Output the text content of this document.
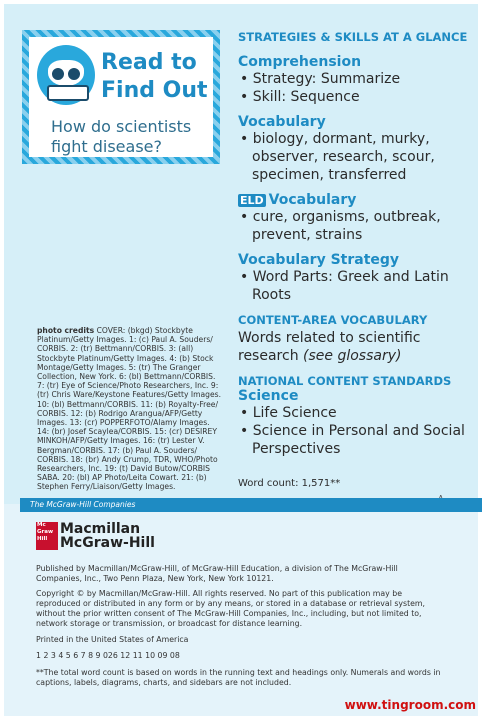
Read to
Find Out
How do scientists
fight disease?
STRATEGIES & SKILLS AT A GLANCE
Comprehension
• Strategy: Summarize
• Skill: Sequence
Vocabulary
• biology, dormant, murky, observer, research, scour, specimen, transferred
ELD Vocabulary
• cure, organisms, outbreak, prevent, strains
Vocabulary Strategy
• Word Parts: Greek and Latin Roots
CONTENT-AREA VOCABULARY
Words related to scientific research (see glossary)
NATIONAL CONTENT STANDARDS
Science
• Life Science
• Science in Personal and Social Perspectives
photo credits COVER: (bkgd) Stockbyte Platinum/Getty Images. 1: (c) Paul A. Souders/ CORBIS. 2: (tr) Bettmann/CORBIS. 3: (all) Stockbyte Platinum/Getty Images. 4: (b) Stock Montage/Getty Images. 5: (tr) The Granger Collection, New York. 6: (bl) Bettmann/CORBIS. 7: (tr) Eye of Science/Photo Researchers, Inc. 9: (tr) Chris Ware/Keystone Features/Getty Images. 10: (bl) Bettmann/CORBIS. 11: (b) Royalty-Free/ CORBIS. 12: (b) Rodrigo Arangua/AFP/Getty Images. 13: (cr) POPPERFOTO/Alamy Images. 14: (br) Josef Scaylea/CORBIS. 15: (cr) DESIREY MINKOH/AFP/Getty Images. 16: (tr) Lester V. Bergman/CORBIS. 17: (b) Paul A. Souders/ CORBIS. 18: (br) Andy Crump, TDR, WHO/Photo Researchers, Inc. 19: (t) David Butow/CORBIS SABA. 20: (bl) AP Photo/Leita Cowart. 21: (b) Stephen Ferry/Liaison/Getty Images.	Word count: 1,571**
The McGraw-Hill Companies
Mc Graw Hill
Macmillan
McGraw-Hill
Published by Macmillan/McGraw-Hill, of McGraw-Hill Education, a division of The McGraw-Hill Companies, Inc., Two Penn Plaza, New York, New York 10121.
Copyright © by Macmillan/McGraw-Hill. All rights reserved. No part of this publication may be reproduced or distributed in any form or by any means, or stored in a database or retrieval system, without the prior written consent of The McGraw-Hill Companies, Inc., including, but not limited to, network storage or transmission, or broadcast for distance learning.
Printed in the United States of America
1 2 3 4 5 6 7 8 9 026 12 11 10 09 08
**The total word count is based on words in the running text and headings only. Numerals and words in captions, labels, diagrams, charts, and sidebars are not included.
www.tingroom.com
